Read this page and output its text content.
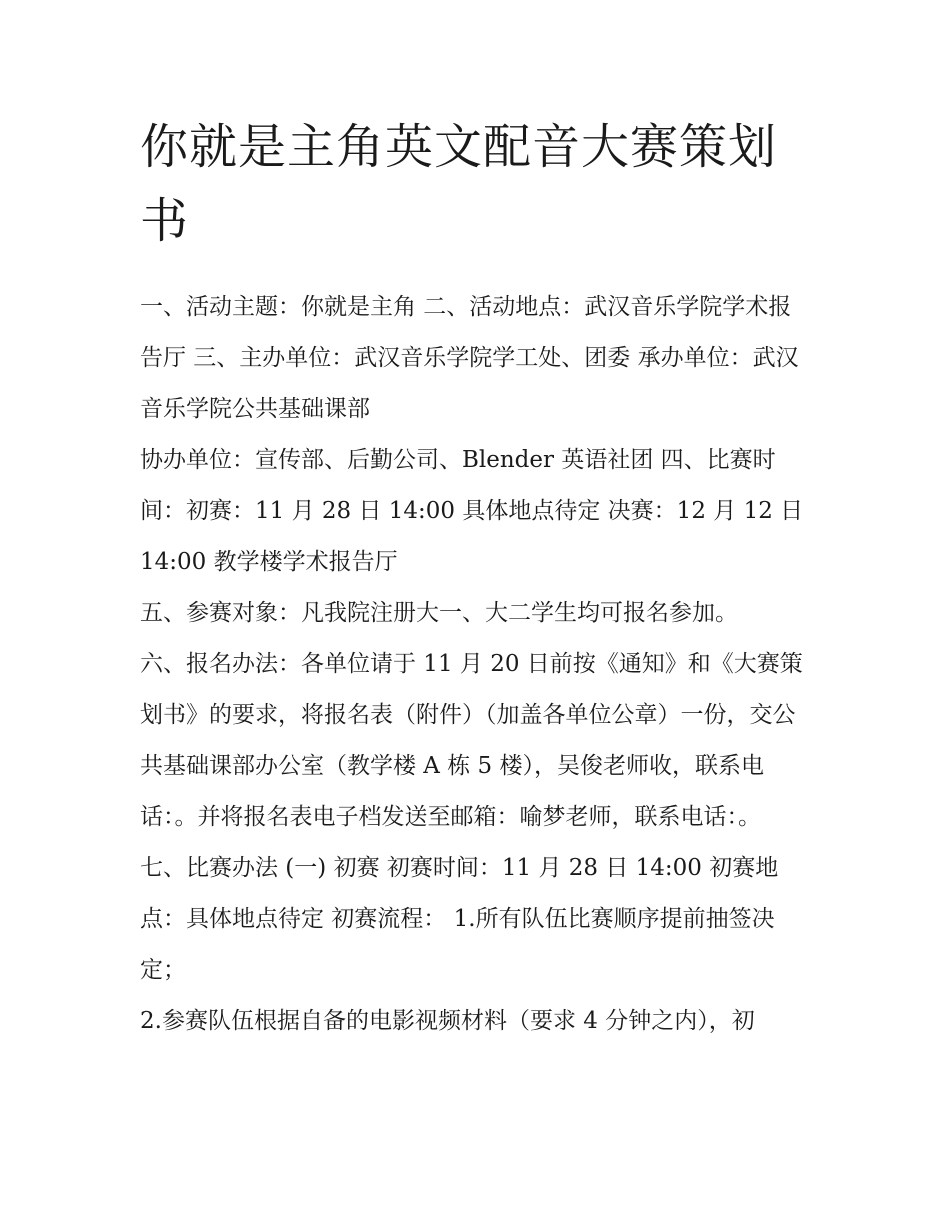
你就是主角英文配音大赛策划书

一、活动主题：你就是主角 二、活动地点：武汉音乐学院学术报告厅 三、主办单位：武汉音乐学院学工处、团委 承办单位：武汉音乐学院公共基础课部

协办单位：宣传部、后勤公司、Blender 英语社团 四、比赛时间：初赛：11 月 28 日 14:00 具体地点待定 决赛：12 月 12 日 14:00 教学楼学术报告厅

五、参赛对象：凡我院注册大一、大二学生均可报名参加。

六、报名办法：各单位请于 11 月 20 日前按《通知》和《大赛策划书》的要求，将报名表（附件）（加盖各单位公章）一份，交公共基础课部办公室（教学楼 A 栋 5 楼），吴俊老师收，联系电话：。并将报名表电子档发送至邮箱：喻梦老师，联系电话：。

七、比赛办法 (一) 初赛 初赛时间：11 月 28 日 14:00 初赛地点：具体地点待定 初赛流程： 1.所有队伍比赛顺序提前抽签决定；

2.参赛队伍根据自备的电影视频材料（要求 4 分钟之内），初
